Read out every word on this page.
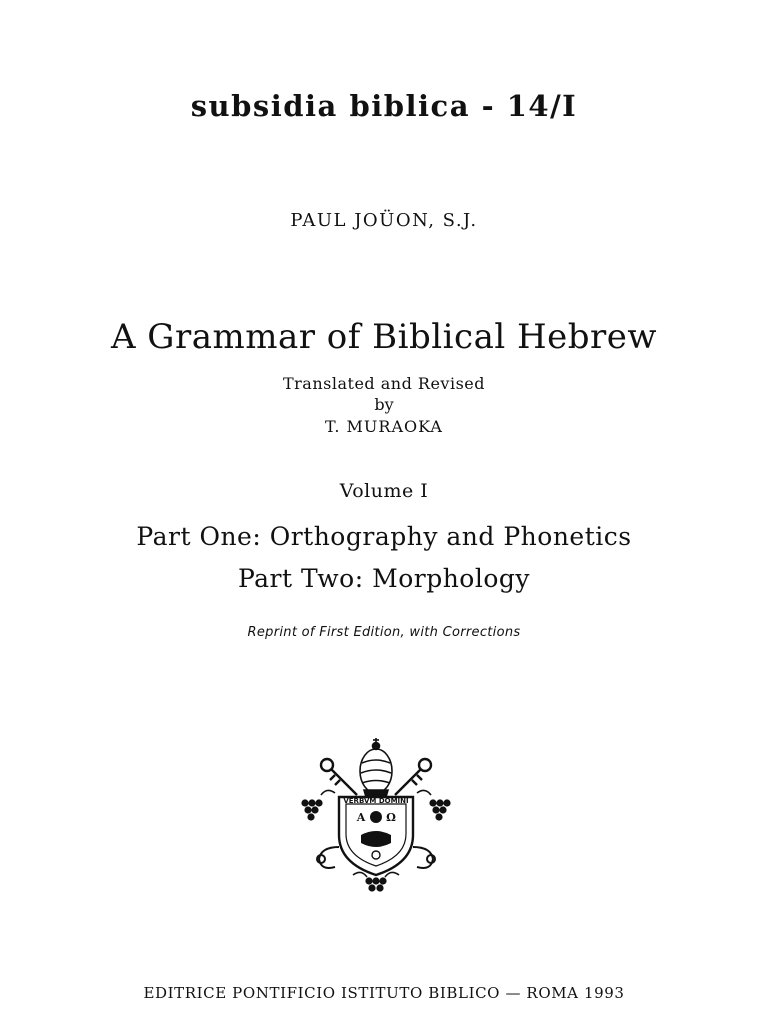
subsidia biblica - 14/I

PAUL JOÜON, S.J.

A Grammar of Biblical Hebrew

Translated and Revised

by

T. MURAOKA

Volume I

Part One: Orthography and Phonetics

Part Two: Morphology

Reprint of First Edition, with Corrections

VERBVM DOMINI
A Ω

EDITRICE PONTIFICIO ISTITUTO BIBLICO — ROMA 1993
